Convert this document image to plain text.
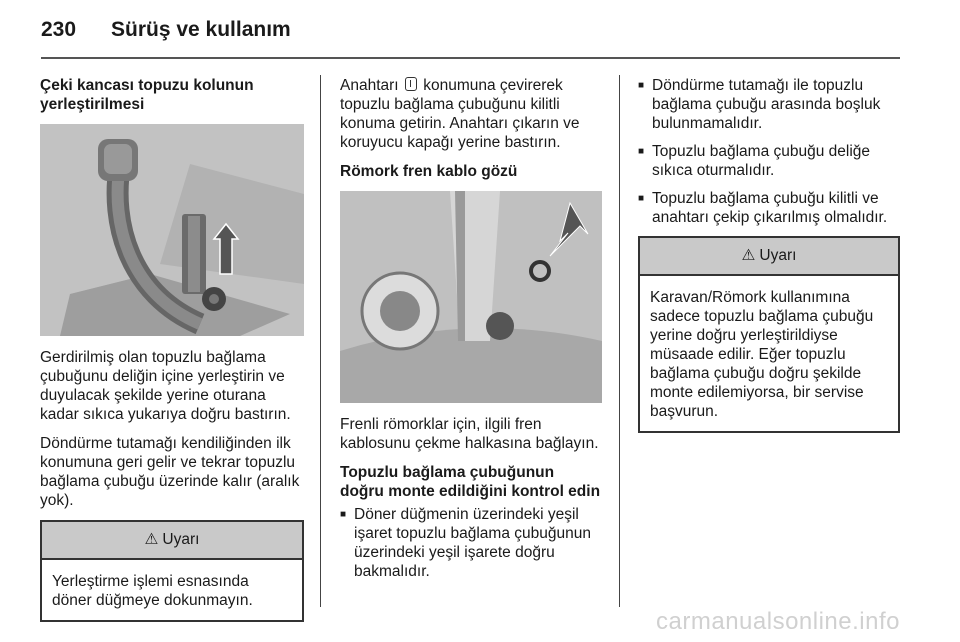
230 Sürüş ve kullanım
Çeki kancası topuzu kolunun yerleştirilmesi

Gerdirilmiş olan topuzlu bağlama çubuğunu deliğin içine yerleştirin ve duyulacak şekilde yerine oturana kadar sıkıca yukarıya doğru bastırın.

Döndürme tutamağı kendiliğinden ilk konumuna geri gelir ve tekrar topuzlu bağlama çubuğu üzerinde kalır (aralık yok).

⚠ Uyarı
Yerleştirme işlemi esnasında döner düğmeye dokunmayın.

Anahtarı konumuna çevirerek topuzlu bağlama çubuğunu kilitli konuma getirin. Anahtarı çıkarın ve koruyucu kapağı yerine bastırın.

Römork fren kablo gözü

Frenli römorklar için, ilgili fren kablosunu çekme halkasına bağlayın.

Topuzlu bağlama çubuğunun doğru monte edildiğini kontrol edin
■ Döner düğmenin üzerindeki yeşil işaret topuzlu bağlama çubuğunun üzerindeki yeşil işarete doğru bakmalıdır.
■ Döndürme tutamağı ile topuzlu bağlama çubuğu arasında boşluk bulunmamalıdır.
■ Topuzlu bağlama çubuğu deliğe sıkıca oturmalıdır.
■ Topuzlu bağlama çubuğu kilitli ve anahtarı çekip çıkarılmış olmalıdır.
⚠ Uyarı
Karavan/Römork kullanımına sadece topuzlu bağlama çubuğu yerine doğru yerleştirildiyse müsaade edilir. Eğer topuzlu bağlama çubuğu doğru şekilde monte edilemiyorsa, bir servise başvurun.
carmanualsonline.info
